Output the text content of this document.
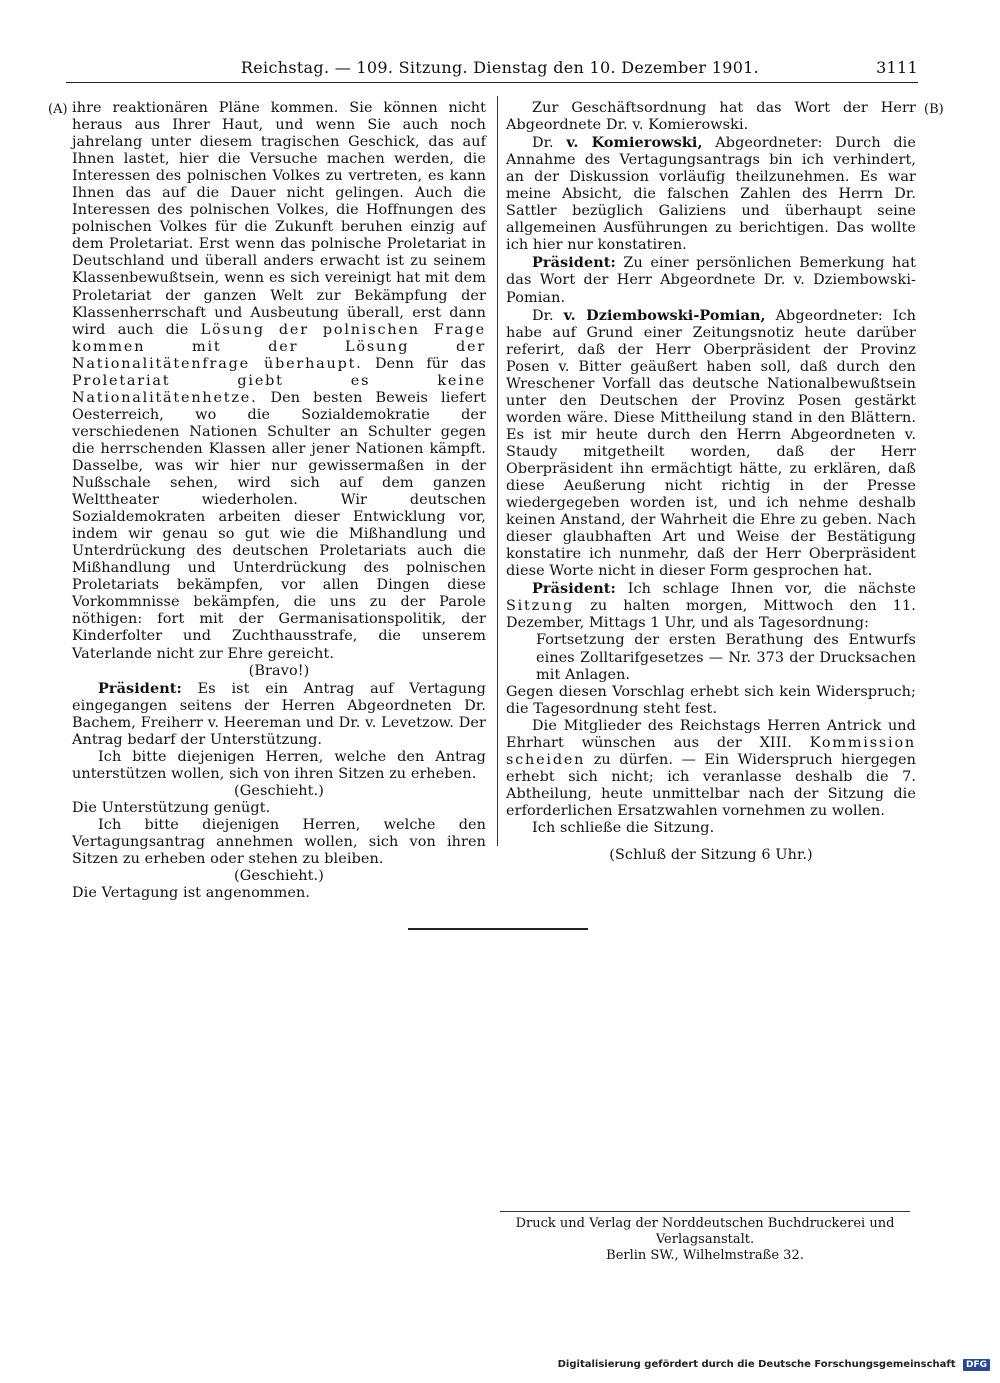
Reichstag. — 109. Sitzung. Dienstag den 10. Dezember 1901.	3111
(A)	(B)

ihre reaktionären Pläne kommen. Sie können nicht heraus aus Ihrer Haut, und wenn Sie auch noch jahrelang unter diesem tragischen Geschick, das auf Ihnen lastet, hier die Versuche machen werden, die Interessen des polnischen Volkes zu vertreten, es kann Ihnen das auf die Dauer nicht gelingen. Auch die Interessen des polnischen Volkes, die Hoffnungen des polnischen Volkes für die Zukunft beruhen einzig auf dem Proletariat. Erst wenn das polnische Proletariat in Deutschland und überall anders erwacht ist zu seinem Klassenbewußtsein, wenn es sich vereinigt hat mit dem Proletariat der ganzen Welt zur Bekämpfung der Klassenherrschaft und Ausbeutung überall, erst dann wird auch die Lösung der polnischen Frage kommen mit der Lösung der Nationalitätenfrage überhaupt. Denn für das Proletariat giebt es keine Nationalitätenhetze. Den besten Beweis liefert Oesterreich, wo die Sozialdemokratie der verschiedenen Nationen Schulter an Schulter gegen die herrschenden Klassen aller jener Nationen kämpft. Dasselbe, was wir hier nur gewissermaßen in der Nußschale sehen, wird sich auf dem ganzen Welttheater wiederholen. Wir deutschen Sozialdemokraten arbeiten dieser Entwicklung vor, indem wir genau so gut wie die Mißhandlung und Unterdrückung des deutschen Proletariats auch die Mißhandlung und Unterdrückung des polnischen Proletariats bekämpfen, vor allen Dingen diese Vorkommnisse bekämpfen, die uns zu der Parole nöthigen: fort mit der Germanisationspolitik, der Kinderfolter und Zuchthausstrafe, die unserem Vaterlande nicht zur Ehre gereicht.

(Bravo!)

Präsident: Es ist ein Antrag auf Vertagung eingegangen seitens der Herren Abgeordneten Dr. Bachem, Freiherr v. Heereman und Dr. v. Levetzow. Der Antrag bedarf der Unterstützung.

Ich bitte diejenigen Herren, welche den Antrag unterstützen wollen, sich von ihren Sitzen zu erheben.

(Geschieht.)

Die Unterstützung genügt.

Ich bitte diejenigen Herren, welche den Vertagungsantrag annehmen wollen, sich von ihren Sitzen zu erheben oder stehen zu bleiben.

(Geschieht.)

Die Vertagung ist angenommen.

Zur Geschäftsordnung hat das Wort der Herr Abgeordnete Dr. v. Komierowski.

Dr. v. Komierowski, Abgeordneter: Durch die Annahme des Vertagungsantrags bin ich verhindert, an der Diskussion vorläufig theilzunehmen. Es war meine Absicht, die falschen Zahlen des Herrn Dr. Sattler bezüglich Galiziens und überhaupt seine allgemeinen Ausführungen zu berichtigen. Das wollte ich hier nur konstatiren.

Präsident: Zu einer persönlichen Bemerkung hat das Wort der Herr Abgeordnete Dr. v. Dziembowski-Pomian.

Dr. v. Dziembowski-Pomian, Abgeordneter: Ich habe auf Grund einer Zeitungsnotiz heute darüber referirt, daß der Herr Oberpräsident der Provinz Posen v. Bitter geäußert haben soll, daß durch den Wreschener Vorfall das deutsche Nationalbewußtsein unter den Deutschen der Provinz Posen gestärkt worden wäre. Diese Mittheilung stand in den Blättern. Es ist mir heute durch den Herrn Abgeordneten v. Staudy mitgetheilt worden, daß der Herr Oberpräsident ihn ermächtigt hätte, zu erklären, daß diese Aeußerung nicht richtig in der Presse wiedergegeben worden ist, und ich nehme deshalb keinen Anstand, der Wahrheit die Ehre zu geben. Nach dieser glaubhaften Art und Weise der Bestätigung konstatire ich nunmehr, daß der Herr Oberpräsident diese Worte nicht in dieser Form gesprochen hat.

Präsident: Ich schlage Ihnen vor, die nächste Sitzung zu halten morgen, Mittwoch den 11. Dezember, Mittags 1 Uhr, und als Tagesordnung:

Fortsetzung der ersten Berathung des Entwurfs eines Zolltarifgesetzes — Nr. 373 der Drucksachen mit Anlagen.

Gegen diesen Vorschlag erhebt sich kein Widerspruch; die Tagesordnung steht fest.

Die Mitglieder des Reichstags Herren Antrick und Ehrhart wünschen aus der XIII. Kommission scheiden zu dürfen. — Ein Widerspruch hiergegen erhebt sich nicht; ich veranlasse deshalb die 7. Abtheilung, heute unmittelbar nach der Sitzung die erforderlichen Ersatzwahlen vornehmen zu wollen.

Ich schließe die Sitzung.

(Schluß der Sitzung 6 Uhr.)

Druck und Verlag der Norddeutschen Buchdruckerei und Verlagsanstalt.
Berlin SW., Wilhelmstraße 32.
Digitalisierung gefördert durch die Deutsche Forschungsgemeinschaft DFG
